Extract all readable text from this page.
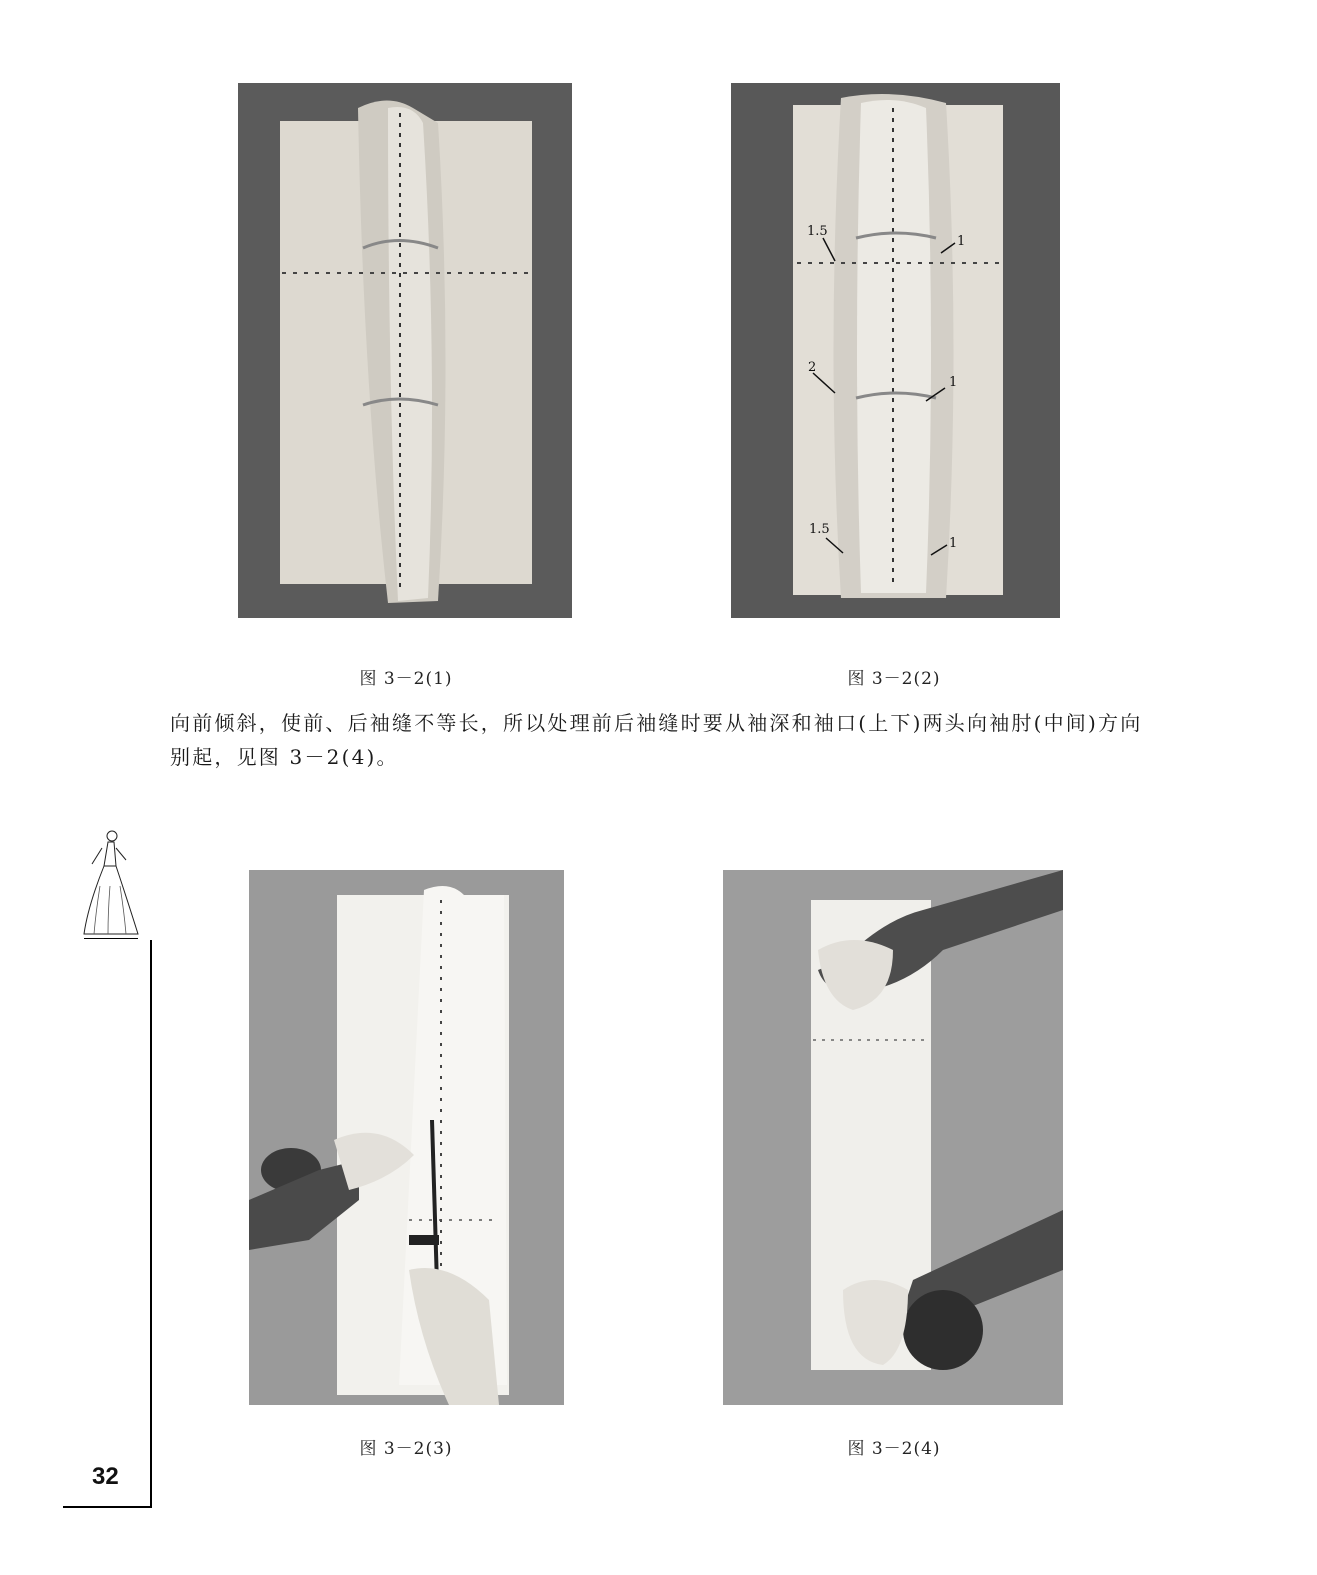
图 3－2(1)
1.5
1
2
1
1.5
1
图 3－2(2)
向前倾斜，使前、后袖缝不等长，所以处理前后袖缝时要从袖深和袖口(上下)两头向袖肘(中间)方向别起，见图 3－2(4)。
图 3－2(3)	图 3－2(4)
32
